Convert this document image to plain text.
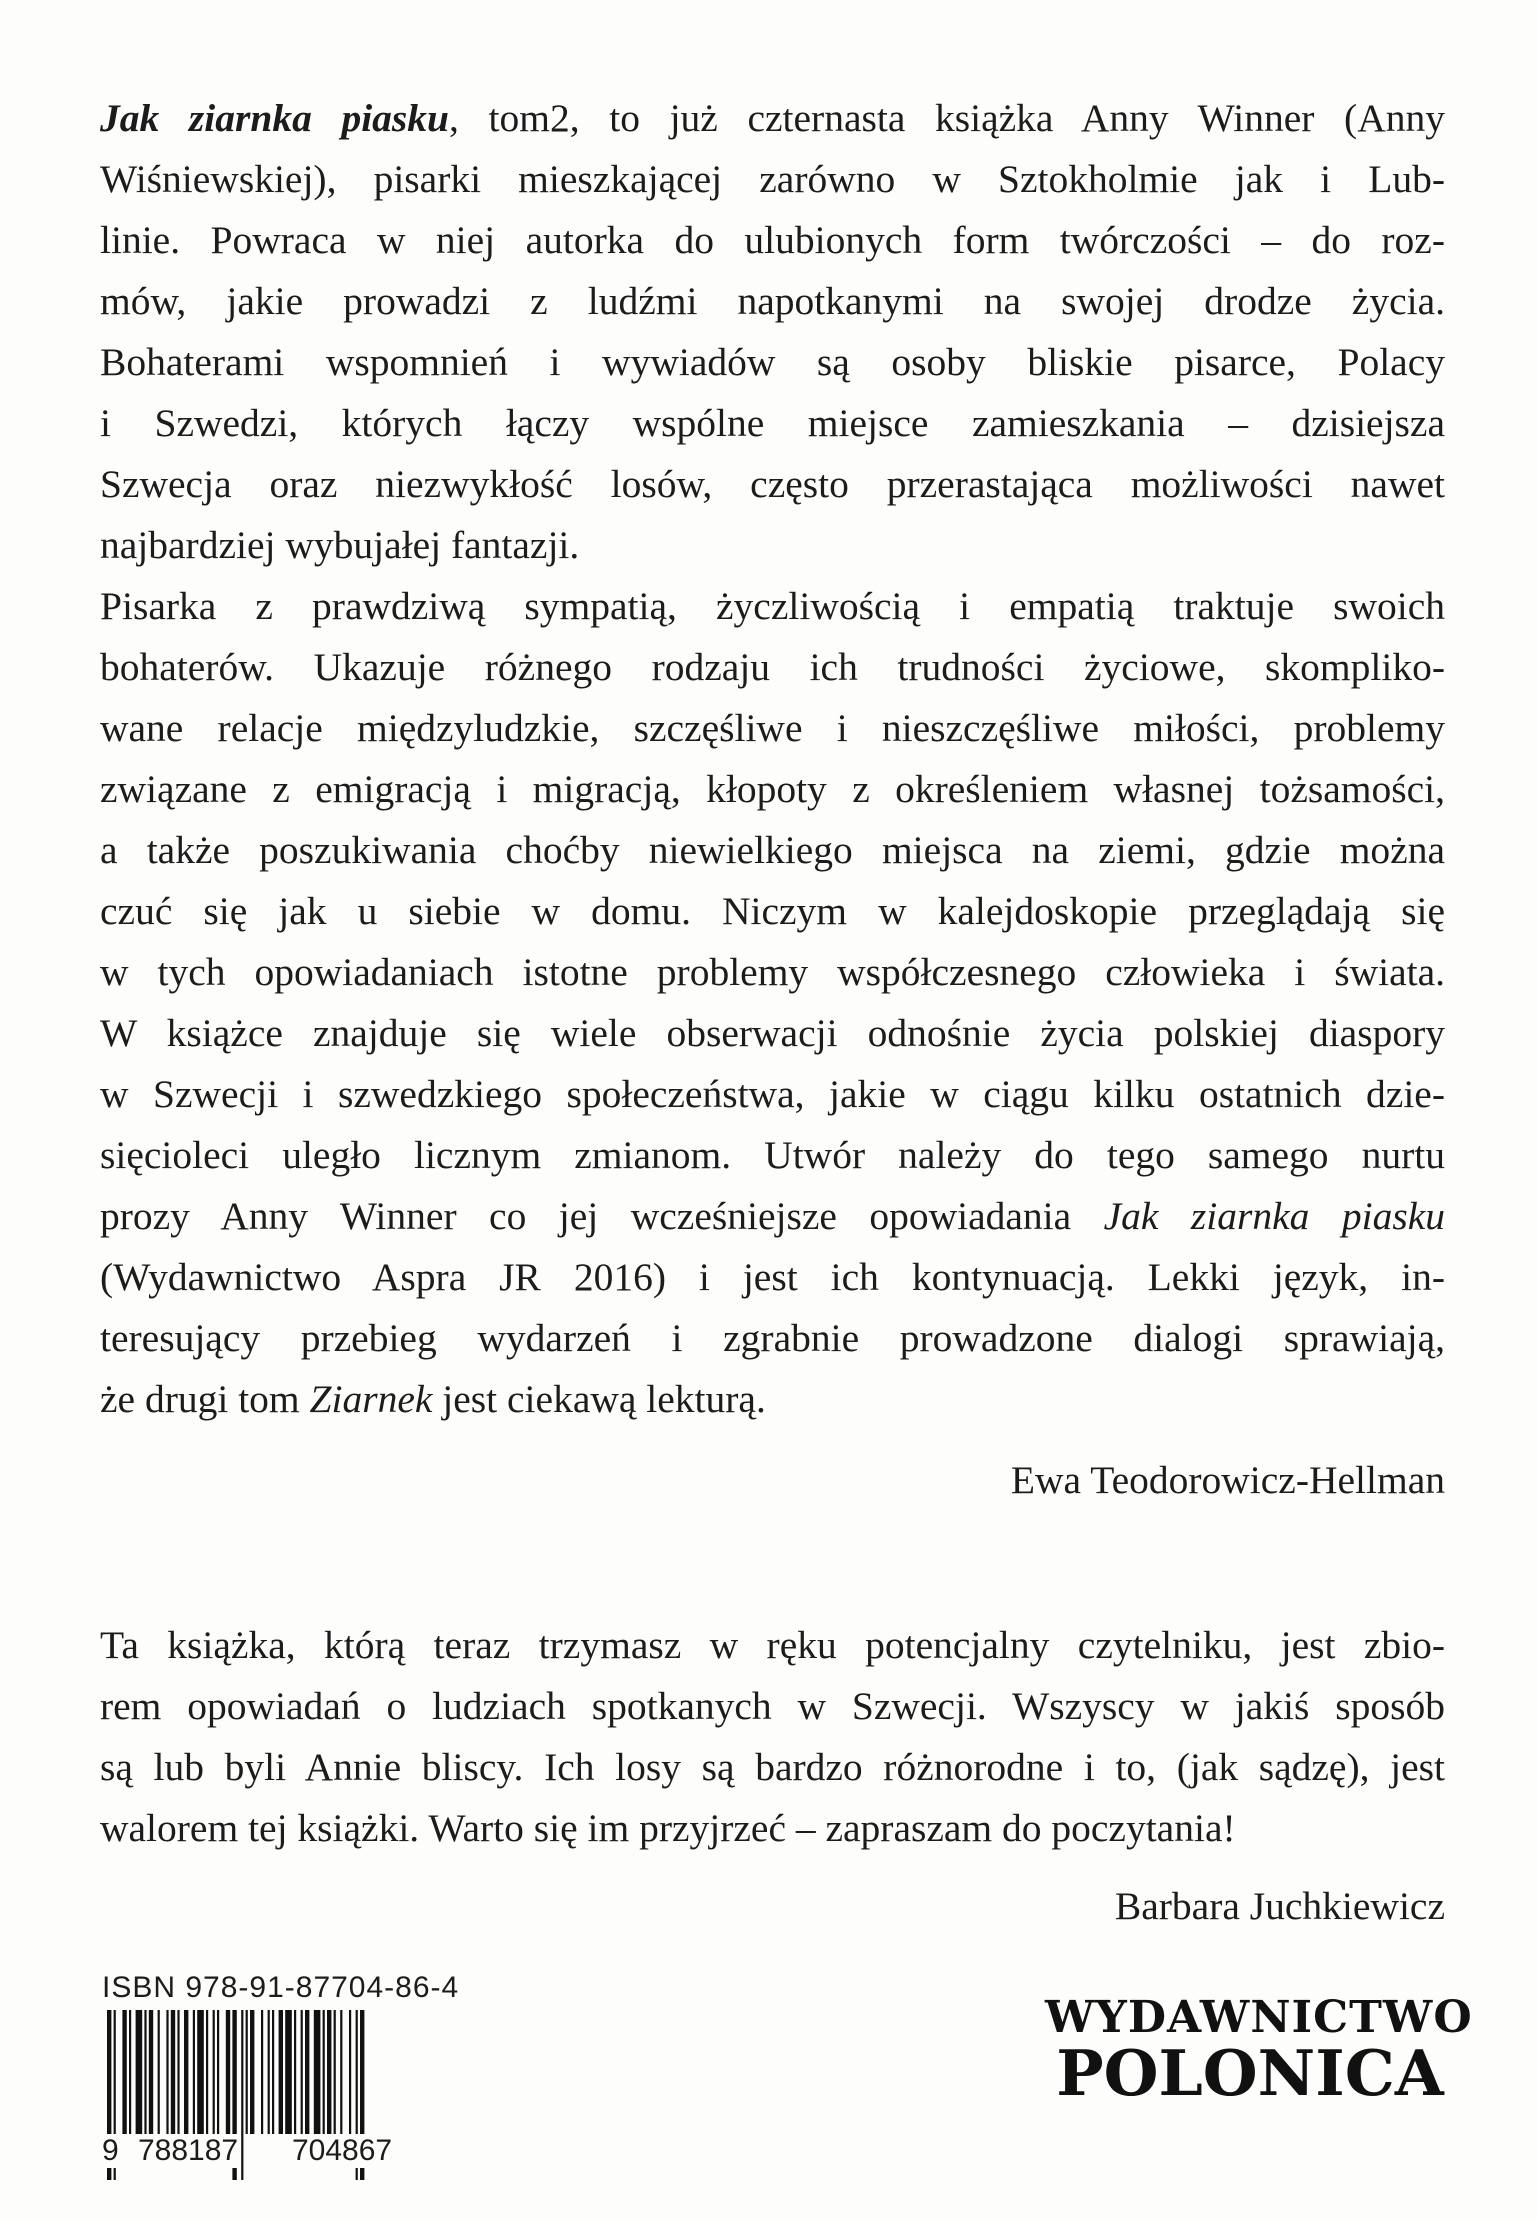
Jak ziarnka piasku, tom2, to już czternasta książka Anny Winner (Anny
Wiśniewskiej), pisarki mieszkającej zarówno w Sztokholmie jak i Lub-
linie. Powraca w niej autorka do ulubionych form twórczości – do roz-
mów, jakie prowadzi z ludźmi napotkanymi na swojej drodze życia.
Bohaterami wspomnień i wywiadów są osoby bliskie pisarce, Polacy
i Szwedzi, których łączy wspólne miejsce zamieszkania – dzisiejsza
Szwecja oraz niezwykłość losów, często przerastająca możliwości nawet
najbardziej wybujałej fantazji.
Pisarka z prawdziwą sympatią, życzliwością i empatią traktuje swoich
bohaterów. Ukazuje różnego rodzaju ich trudności życiowe, skompliko-
wane relacje międzyludzkie, szczęśliwe i nieszczęśliwe miłości, problemy
związane z emigracją i migracją, kłopoty z określeniem własnej tożsamości,
a także poszukiwania choćby niewielkiego miejsca na ziemi, gdzie można
czuć się jak u siebie w domu. Niczym w kalejdoskopie przeglądają się
w tych opowiadaniach istotne problemy współczesnego człowieka i świata.
W książce znajduje się wiele obserwacji odnośnie życia polskiej diaspory
w Szwecji i szwedzkiego społeczeństwa, jakie w ciągu kilku ostatnich dzie-
sięcioleci uległo licznym zmianom. Utwór należy do tego samego nurtu
prozy Anny Winner co jej wcześniejsze opowiadania Jak ziarnka piasku
(Wydawnictwo Aspra JR 2016) i jest ich kontynuacją. Lekki język, in-
teresujący przebieg wydarzeń i zgrabnie prowadzone dialogi sprawiają,
że drugi tom Ziarnek jest ciekawą lekturą.
Ewa Teodorowicz-Hellman
Ta książka, którą teraz trzymasz w ręku potencjalny czytelniku, jest zbio-
rem opowiadań o ludziach spotkanych w Szwecji. Wszyscy w jakiś sposób
są lub byli Annie bliscy. Ich losy są bardzo różnorodne i to, (jak sądzę), jest
walorem tej książki. Warto się im przyjrzeć – zapraszam do poczytania!
Barbara Juchkiewicz
ISBN 978-91-87704-86-4
9 788187 704867
WYDAWNICTWO
POLONICA
